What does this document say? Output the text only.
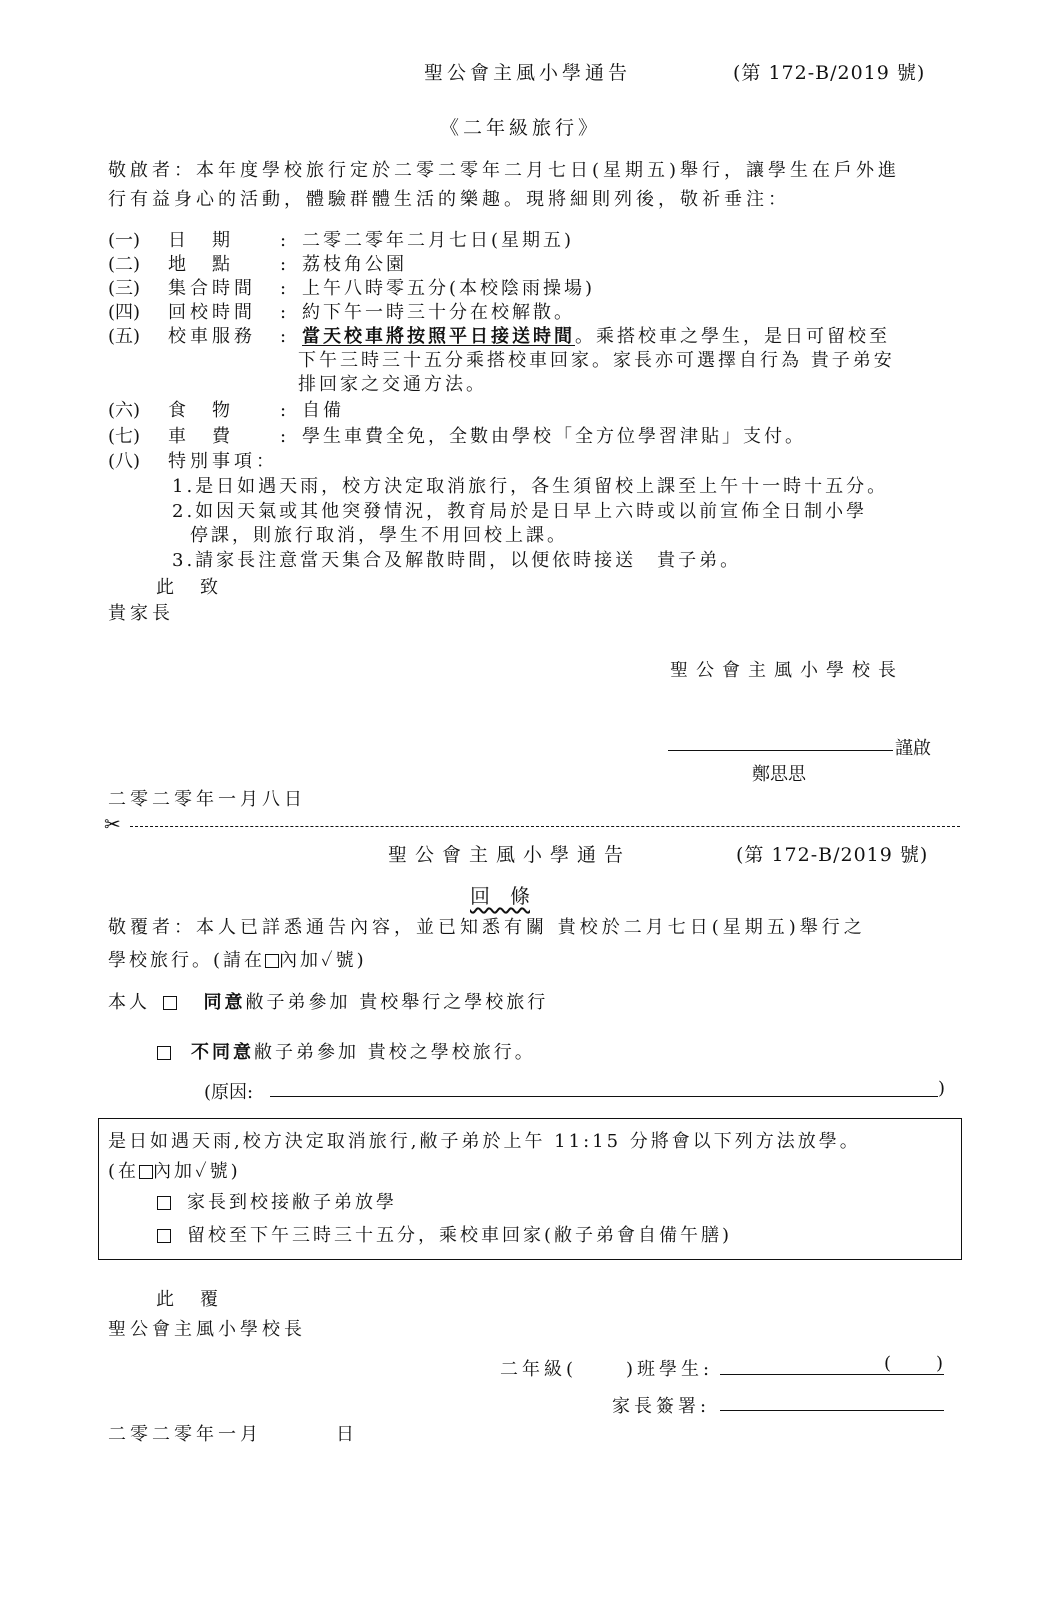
聖公會主風小學通告	(第 172-B/2019 號)
《二年級旅行》
敬啟者：本年度學校旅行定於二零二零年二月七日(星期五)舉行，讓學生在戶外進
行有益身心的活動，體驗群體生活的樂趣。現將細則列後，敬祈垂注：
(一) 日　期	: 二零二零年二月七日(星期五)
(二) 地　點	: 荔枝角公園
(三) 集合時間 : 上午八時零五分(本校陰雨操場)
(四) 回校時間 : 約下午一時三十分在校解散。
(五) 校車服務 : 當天校車將按照平日接送時間。乘搭校車之學生，是日可留校至
下午三時三十五分乘搭校車回家。家長亦可選擇自行為 貴子弟安
排回家之交通方法。
(六) 食　物	: 自備
(七) 車　費	: 學生車費全免，全數由學校「全方位學習津貼」支付。
(八) 特別事項：
1.是日如遇天雨，校方決定取消旅行，各生須留校上課至上午十一時十五分。
2.如因天氣或其他突發情況，教育局於是日早上六時或以前宣佈全日制小學
停課，則旅行取消，學生不用回校上課。
3.請家長注意當天集合及解散時間，以便依時接送　貴子弟。
此　致
貴家長
聖公會主風小學校長
謹啟
鄭思思
二零二零年一月八日
✂
聖公會主風小學通告	(第 172-B/2019 號)
回　條
敬覆者：本人已詳悉通告內容，並已知悉有關 貴校於二月七日(星期五)舉行之
學校旅行。(請在 內加✓號)
本人	同意敝子弟參加 貴校舉行之學校旅行
不同意敝子弟參加 貴校之學校旅行。
(原因:	)
是日如遇天雨,校方決定取消旅行,敝子弟於上午 11:15 分將會以下列方法放學。
(在 內加✓號)
家長到校接敝子弟放學
留校至下午三時三十五分，乘校車回家(敝子弟會自備午膳)
此　覆
聖公會主風小學校長
二年級(	)班學生:	( )
家長簽署:
二零二零年一月	日
